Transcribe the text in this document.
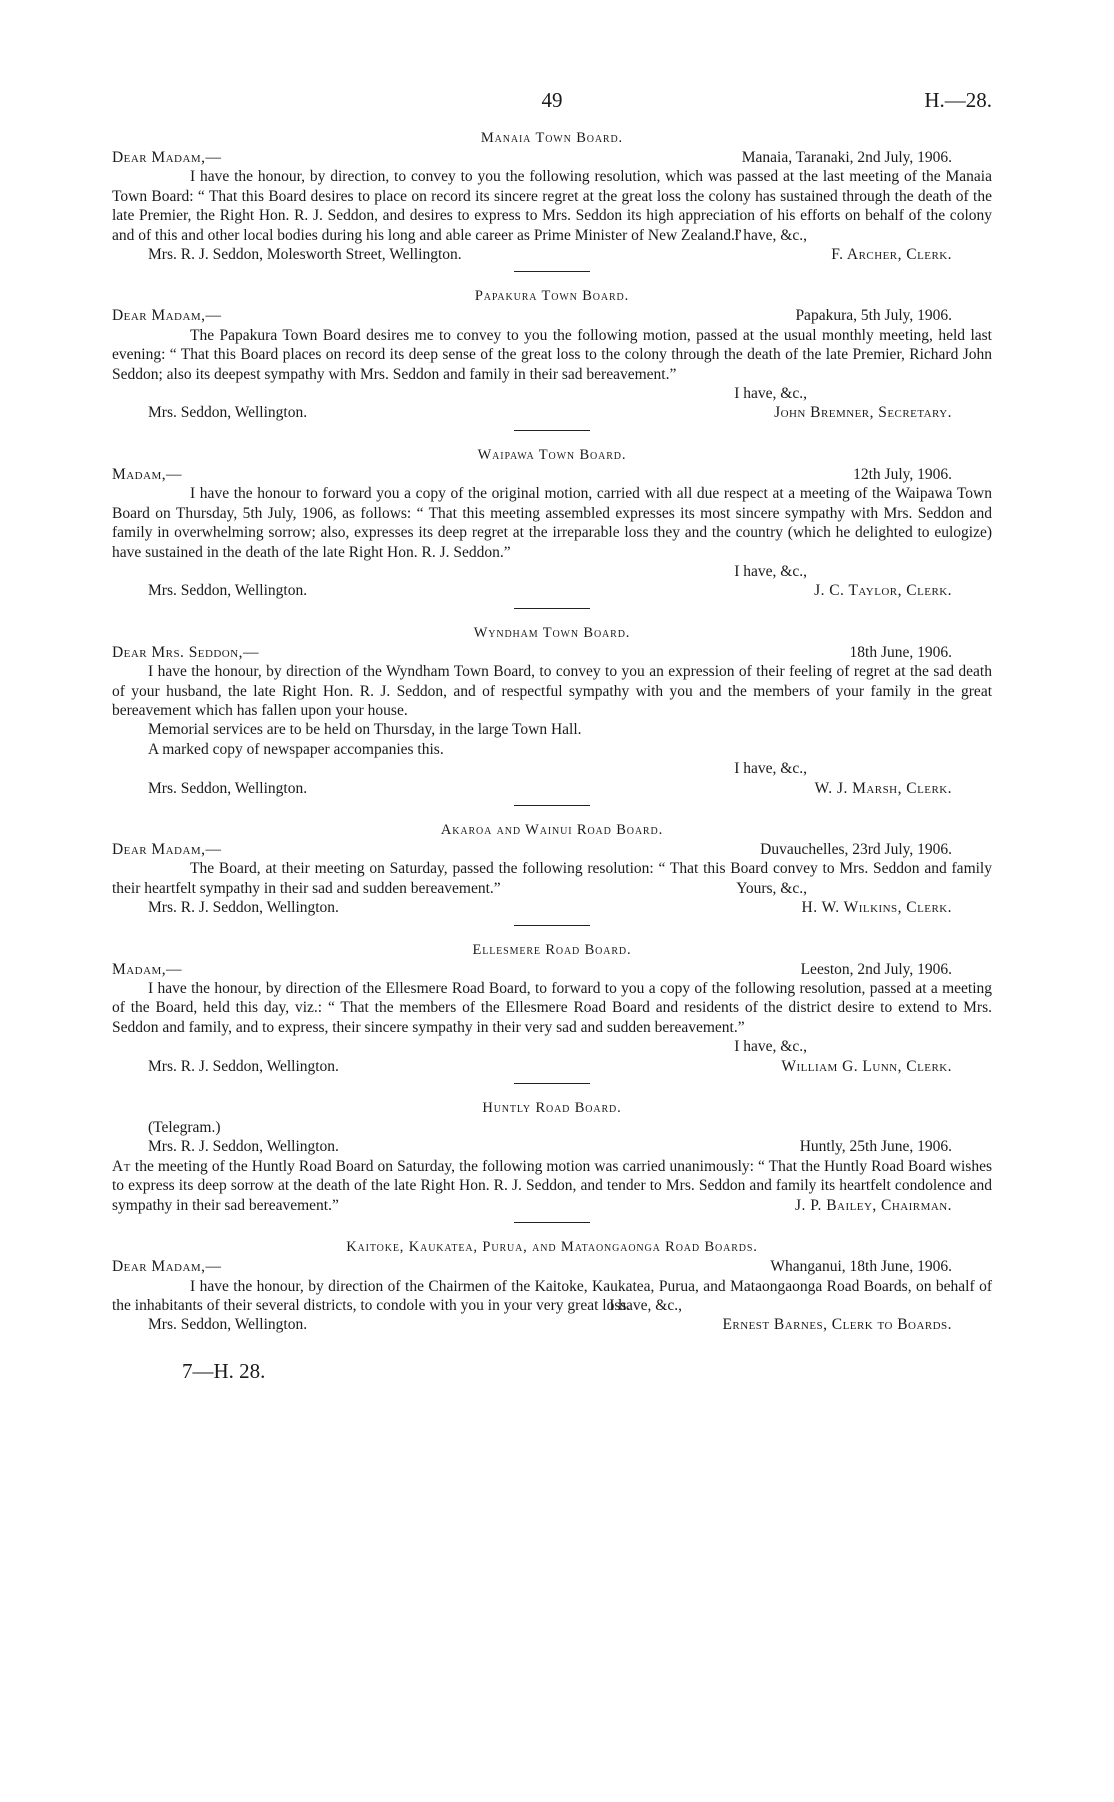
49	H.—28.
Manaia Town Board.
Dear Madam,—	Manaia, Taranaki, 2nd July, 1906.

I have the honour, by direction, to convey to you the following resolution, which was passed at the last meeting of the Manaia Town Board: “ That this Board desires to place on record its sincere regret at the great loss the colony has sustained through the death of the late Premier, the Right Hon. R. J. Seddon, and desires to express to Mrs. Seddon its high appreciation of his efforts on behalf of the colony and of this and other local bodies during his long and able career as Prime Minister of New Zealand.”

I have, &c.,
Mrs. R. J. Seddon, Molesworth Street, Wellington.	F. Archer, Clerk.
Papakura Town Board.
Dear Madam,—	Papakura, 5th July, 1906.

The Papakura Town Board desires me to convey to you the following motion, passed at the usual monthly meeting, held last evening: “ That this Board places on record its deep sense of the great loss to the colony through the death of the late Premier, Richard John Seddon; also its deepest sympathy with Mrs. Seddon and family in their sad bereavement.”

I have, &c.,
Mrs. Seddon, Wellington.	John Bremner, Secretary.
Waipawa Town Board.
Madam,—	12th July, 1906.

I have the honour to forward you a copy of the original motion, carried with all due respect at a meeting of the Waipawa Town Board on Thursday, 5th July, 1906, as follows: “ That this meeting assembled expresses its most sincere sympathy with Mrs. Seddon and family in overwhelming sorrow; also, expresses its deep regret at the irreparable loss they and the country (which he delighted to eulogize) have sustained in the death of the late Right Hon. R. J. Seddon.”

I have, &c.,
Mrs. Seddon, Wellington.	J. C. Taylor, Clerk.
Wyndham Town Board.
Dear Mrs. Seddon,—	18th June, 1906.

I have the honour, by direction of the Wyndham Town Board, to convey to you an expression of their feeling of regret at the sad death of your husband, the late Right Hon. R. J. Seddon, and of respectful sympathy with you and the members of your family in the great bereavement which has fallen upon your house.

Memorial services are to be held on Thursday, in the large Town Hall.

A marked copy of newspaper accompanies this.

I have, &c.,
Mrs. Seddon, Wellington.	W. J. Marsh, Clerk.
Akaroa and Wainui Road Board.
Dear Madam,—	Duvauchelles, 23rd July, 1906.

The Board, at their meeting on Saturday, passed the following resolution: “ That this Board convey to Mrs. Seddon and family their heartfelt sympathy in their sad and sudden bereavement.”	Yours, &c.,
Mrs. R. J. Seddon, Wellington.	H. W. Wilkins, Clerk.
Ellesmere Road Board.
Madam,—	Leeston, 2nd July, 1906.

I have the honour, by direction of the Ellesmere Road Board, to forward to you a copy of the following resolution, passed at a meeting of the Board, held this day, viz.: “ That the members of the Ellesmere Road Board and residents of the district desire to extend to Mrs. Seddon and family, and to express, their sincere sympathy in their very sad and sudden bereavement.”

I have, &c.,
Mrs. R. J. Seddon, Wellington.	William G. Lunn, Clerk.
Huntly Road Board.
(Telegram.)
Mrs. R. J. Seddon, Wellington.	Huntly, 25th June, 1906.

At the meeting of the Huntly Road Board on Saturday, the following motion was carried unanimously: “ That the Huntly Road Board wishes to express its deep sorrow at the death of the late Right Hon. R. J. Seddon, and tender to Mrs. Seddon and family its heartfelt condolence and sympathy in their sad bereavement.”	J. P. Bailey, Chairman.
Kaitoke, Kaukatea, Purua, and Mataongaonga Road Boards.
Dear Madam,—	Whanganui, 18th June, 1906.

I have the honour, by direction of the Chairmen of the Kaitoke, Kaukatea, Purua, and Mataongaonga Road Boards, on behalf of the inhabitants of their several districts, to condole with you in your very great loss.

I have, &c.,
Mrs. Seddon, Wellington.	Ernest Barnes, Clerk to Boards.
7—H. 28.
